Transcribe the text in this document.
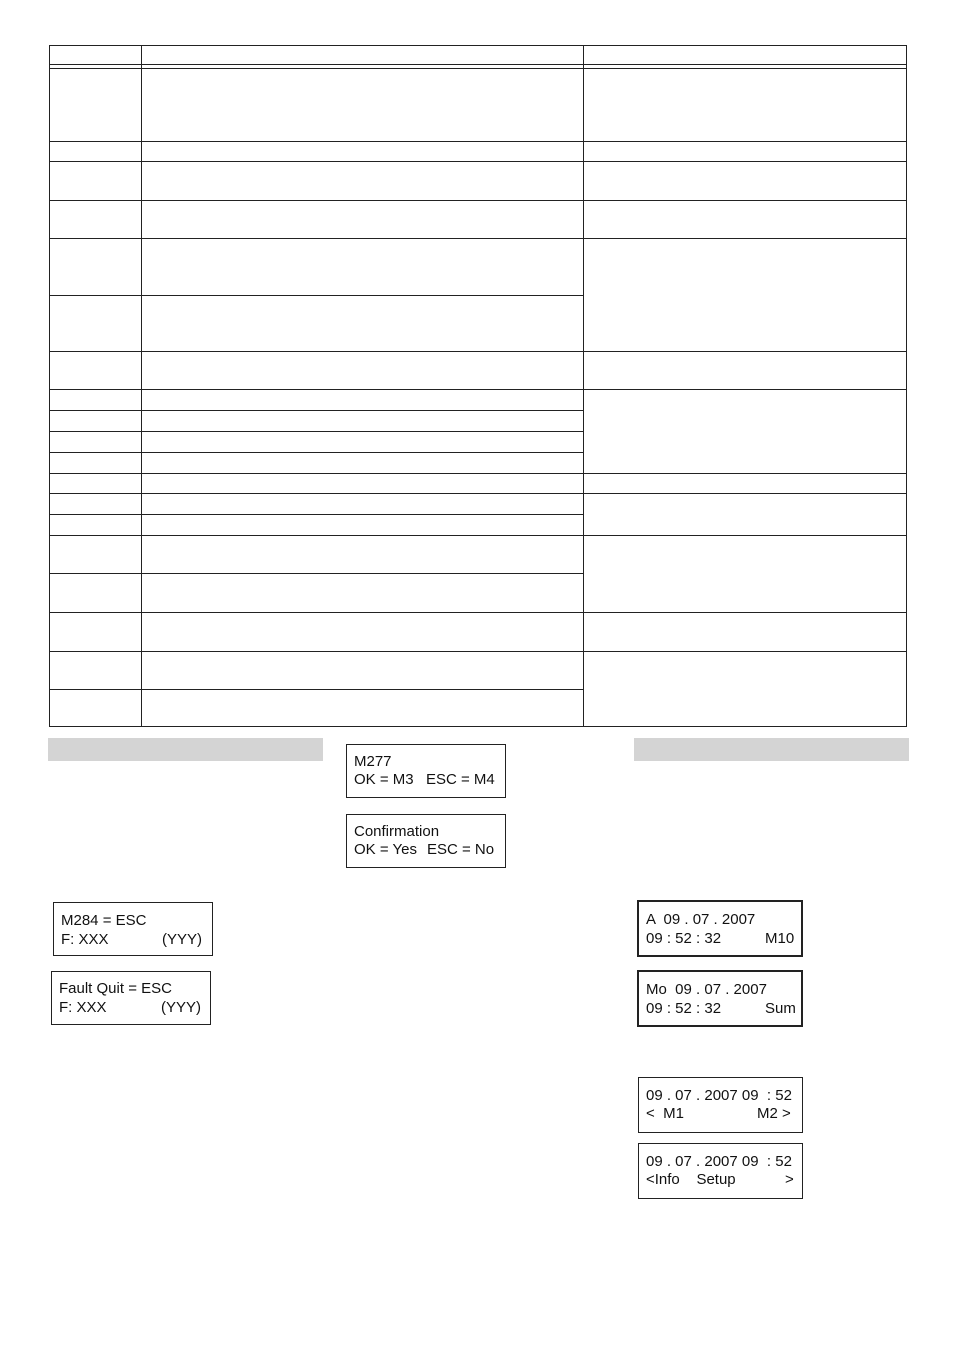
M277
OK = M3 ESC = M4
Confirmation
OK = Yes ESC = No
M284 = ESC
F: XXX	(YYY)
Fault Quit = ESC
F: XXX	(YYY)
A  09 . 07 . 2007
09 : 52 : 32	M10
Mo  09 . 07 . 2007
09 : 52 : 32	Sum
09 . 07 . 2007 09  : 52
<  M1	M2 >
09 . 07 . 2007 09  : 52
<Info    Setup	>
